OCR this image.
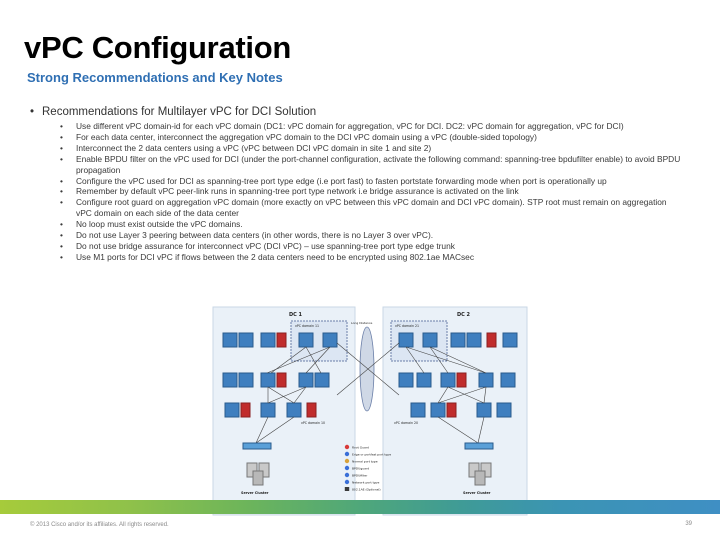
vPC Configuration
Strong Recommendations and Key Notes
• Recommendations for Multilayer vPC for DCI Solution
• Use different vPC domain-id for each vPC domain (DC1: vPC domain for aggregation, vPC for DCI. DC2: vPC domain for aggregation, vPC for DCI)
• For each data center, interconnect the aggregation vPC domain to the DCI vPC domain using a vPC (double-sided topology)
• Interconnect the 2 data centers using a vPC (vPC between DCI vPC domain in site 1 and site 2)
• Enable BPDU filter on the vPC used for DCI (under the port-channel configuration, activate the following command: spanning-tree bpdufilter enable) to avoid BPDU propagation
• Configure the vPC used for DCI as spanning-tree port type edge (i.e port fast) to fasten portstate forwarding mode when port is operationally up
• Remember by default vPC peer-link runs in spanning-tree port type network i.e bridge assurance is activated on the link
• Configure root guard on aggregation vPC domain (more exactly on vPC between this vPC domain and DCI vPC domain). STP root must remain on aggregation vPC domain on each side of the data center
• No loop must exist outside the vPC domains.
• Do not use Layer 3 peering between data centers (in other words, there is no Layer 3 over vPC).
• Do not use bridge assurance for interconnect vPC (DCI vPC) – use spanning-tree port type edge trunk
• Use M1 ports for DCI vPC if flows between the 2 data centers need to be encrypted using 802.1ae MACsec
DC 1	DC 2
vPC domain 11	vPC domain 21
Long Distance
vPC domain 10	vPC domain 20
Server Cluster	Server Cluster
Root Guard
Edge or portfast port type
Normal port type
BPDUguard
BPDUfilter
Network port type
802.1AE (Optional)
© 2013 Cisco and/or its affiliates. All rights reserved.	39
